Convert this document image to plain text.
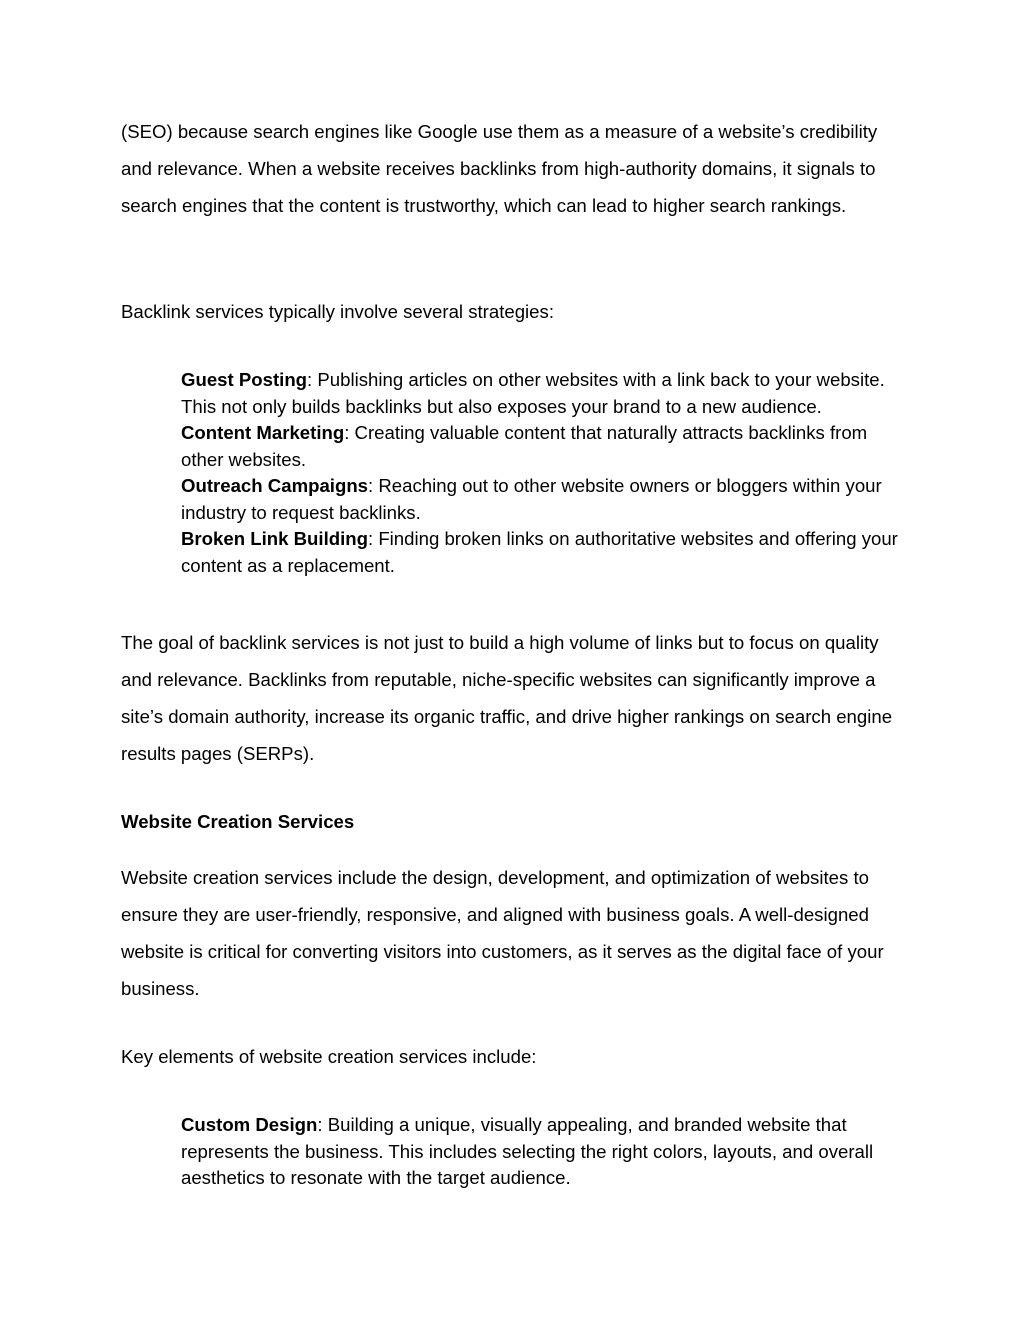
(SEO) because search engines like Google use them as a measure of a website’s credibility and relevance. When a website receives backlinks from high-authority domains, it signals to search engines that the content is trustworthy, which can lead to higher search rankings.

Backlink services typically involve several strategies:

Guest Posting: Publishing articles on other websites with a link back to your website. This not only builds backlinks but also exposes your brand to a new audience.
Content Marketing: Creating valuable content that naturally attracts backlinks from other websites.
Outreach Campaigns: Reaching out to other website owners or bloggers within your industry to request backlinks.
Broken Link Building: Finding broken links on authoritative websites and offering your content as a replacement.

The goal of backlink services is not just to build a high volume of links but to focus on quality and relevance. Backlinks from reputable, niche-specific websites can significantly improve a site’s domain authority, increase its organic traffic, and drive higher rankings on search engine results pages (SERPs).

Website Creation Services

Website creation services include the design, development, and optimization of websites to ensure they are user-friendly, responsive, and aligned with business goals. A well-designed website is critical for converting visitors into customers, as it serves as the digital face of your business.

Key elements of website creation services include:

Custom Design: Building a unique, visually appealing, and branded website that represents the business. This includes selecting the right colors, layouts, and overall aesthetics to resonate with the target audience.
